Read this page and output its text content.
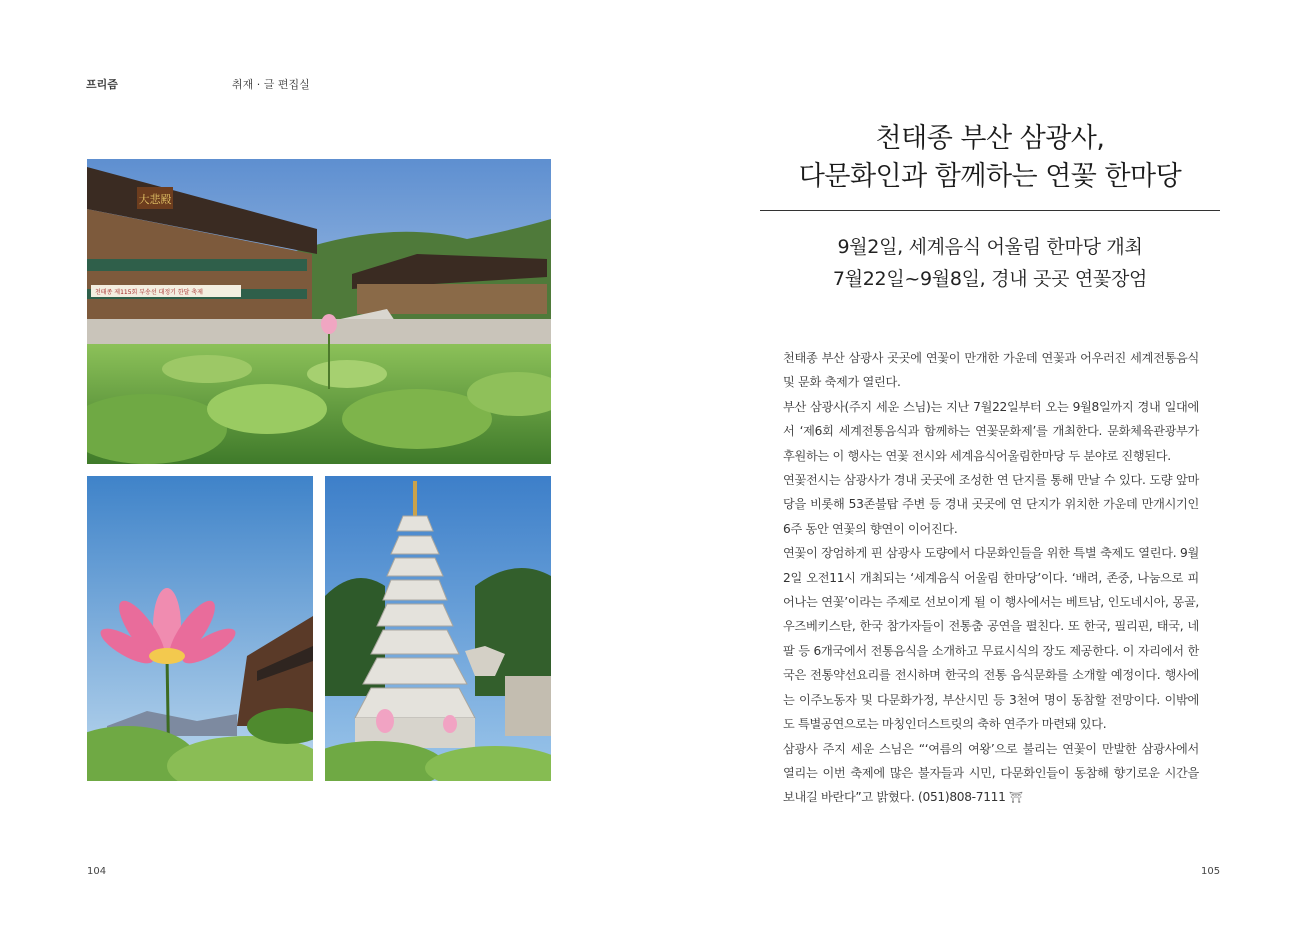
프리즘	취재 · 글 편집실
大悲殿
천태종 제115회 부송선 대정기 한달 축제
천태종 부산 삼광사,
다문화인과 함께하는 연꽃 한마당
9월2일, 세계음식 어울림 한마당 개최
7월22일~9월8일, 경내 곳곳 연꽃장엄

천태종 부산 삼광사 곳곳에 연꽃이 만개한 가운데 연꽃과 어우러진 세계전통음식 및 문화 축제가 열린다.

부산 삼광사(주지 세운 스님)는 지난 7월22일부터 오는 9월8일까지 경내 일대에서 ‘제6회 세계전통음식과 함께하는 연꽃문화제’를 개최한다. 문화체육관광부가 후원하는 이 행사는 연꽃 전시와 세계음식어울림한마당 두 분야로 진행된다.

연꽃전시는 삼광사가 경내 곳곳에 조성한 연 단지를 통해 만날 수 있다. 도량 앞마당을 비롯해 53존불탑 주변 등 경내 곳곳에 연 단지가 위치한 가운데 만개시기인 6주 동안 연꽃의 향연이 이어진다.

연꽃이 장엄하게 핀 삼광사 도량에서 다문화인들을 위한 특별 축제도 열린다. 9월2일 오전11시 개최되는 ‘세계음식 어울림 한마당’이다. ‘배려, 존중, 나눔으로 피어나는 연꽃’이라는 주제로 선보이게 될 이 행사에서는 베트남, 인도네시아, 몽골, 우즈베키스탄, 한국 참가자들이 전통춤 공연을 펼친다. 또 한국, 필리핀, 태국, 네팔 등 6개국에서 전통음식을 소개하고 무료시식의 장도 제공한다. 이 자리에서 한국은 전통약선요리를 전시하며 한국의 전통 음식문화를 소개할 예정이다. 행사에는 이주노동자 및 다문화가정, 부산시민 등 3천여 명이 동참할 전망이다. 이밖에도 특별공연으로는 마칭인더스트릿의 축하 연주가 마련돼 있다.

삼광사 주지 세운 스님은 “‘여름의 여왕’으로 불리는 연꽃이 만발한 삼광사에서 열리는 이번 축제에 많은 불자들과 시민, 다문화인들이 동참해 향기로운 시간을 보내길 바란다”고 밝혔다. (051)808-7111 ⛩

104	105
